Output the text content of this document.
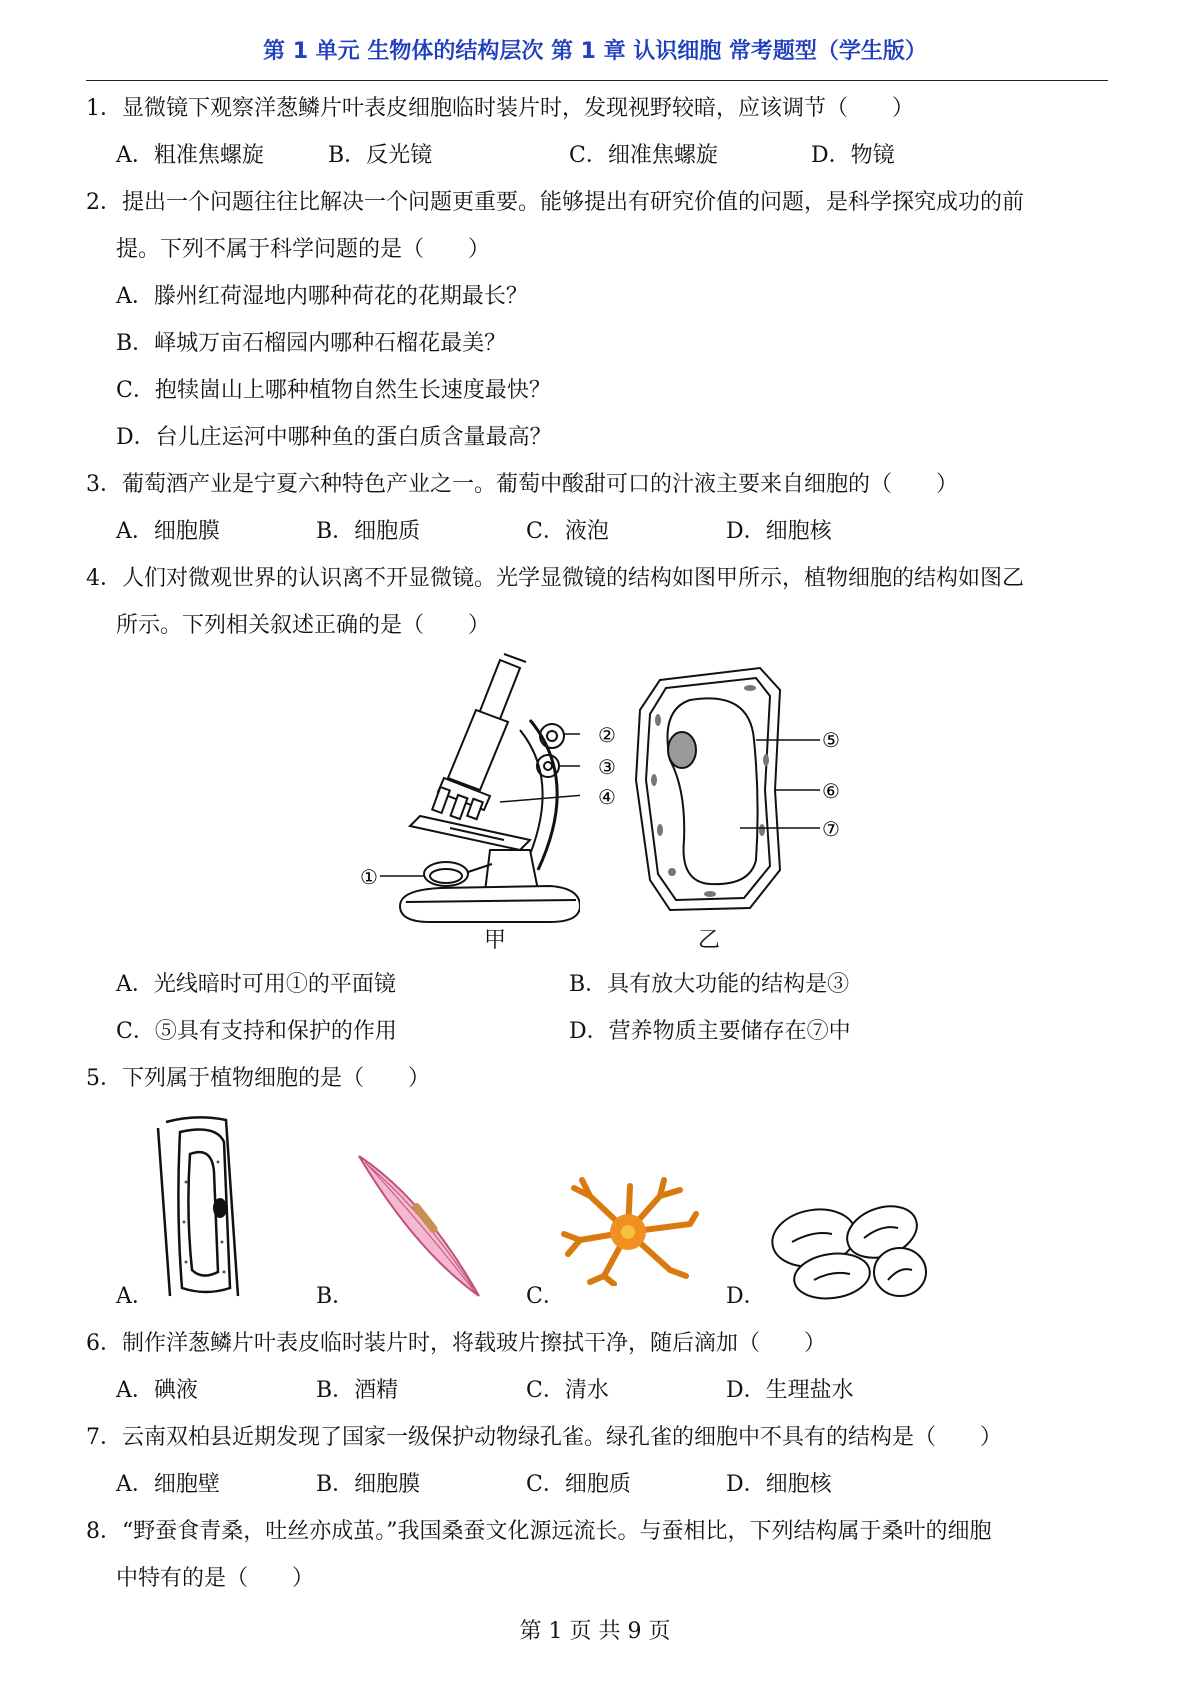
第 1 单元 生物体的结构层次 第 1 章 认识细胞 常考题型（学生版）
1．显微镜下观察洋葱鳞片叶表皮细胞临时装片时，发现视野较暗，应该调节（　　）
A．粗准焦螺旋	B．反光镜	C．细准焦螺旋	D．物镜
2．提出一个问题往往比解决一个问题更重要。能够提出有研究价值的问题，是科学探究成功的前
提。下列不属于科学问题的是（　　）
A．滕州红荷湿地内哪种荷花的花期最长？
B．峄城万亩石榴园内哪种石榴花最美？
C．抱犊崮山上哪种植物自然生长速度最快？
D．台儿庄运河中哪种鱼的蛋白质含量最高？
3．葡萄酒产业是宁夏六种特色产业之一。葡萄中酸甜可口的汁液主要来自细胞的（　　）
A．细胞膜	B．细胞质	C．液泡	D．细胞核
4．人们对微观世界的认识离不开显微镜。光学显微镜的结构如图甲所示，植物细胞的结构如图乙
所示。下列相关叙述正确的是（　　）
②
③
④
①
⑤
⑥
⑦
甲	乙
A．光线暗时可用①的平面镜	B．具有放大功能的结构是③
C．⑤具有支持和保护的作用	D．营养物质主要储存在⑦中
5．下列属于植物细胞的是（　　）
A．	B．	C．	D．
6．制作洋葱鳞片叶表皮临时装片时，将载玻片擦拭干净，随后滴加（　　）
A．碘液	B．酒精	C．清水	D．生理盐水
7．云南双柏县近期发现了国家一级保护动物绿孔雀。绿孔雀的细胞中不具有的结构是（　　）
A．细胞壁	B．细胞膜	C．细胞质	D．细胞核
8．“野蚕食青桑，吐丝亦成茧。”我国桑蚕文化源远流长。与蚕相比，下列结构属于桑叶的细胞
中特有的是（　　）
第 1 页 共 9 页
